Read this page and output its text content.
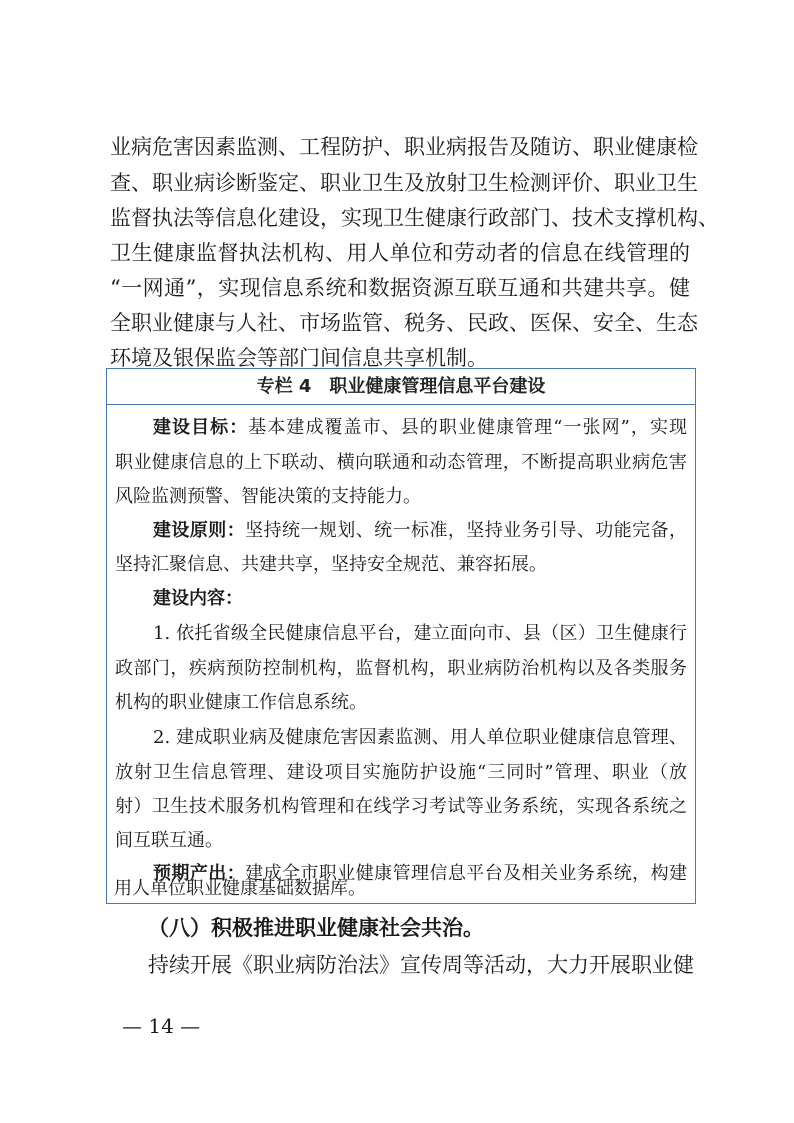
业病危害因素监测、工程防护、职业病报告及随访、职业健康检

查、职业病诊断鉴定、职业卫生及放射卫生检测评价、职业卫生

监督执法等信息化建设，实现卫生健康行政部门、技术支撑机构、

卫生健康监督执法机构、用人单位和劳动者的信息在线管理的

“一网通”，实现信息系统和数据资源互联互通和共建共享。健

全职业健康与人社、市场监管、税务、民政、医保、安全、生态

环境及银保监会等部门间信息共享机制。

专栏 4　职业健康管理信息平台建设

建设目标：基本建成覆盖市、县的职业健康管理“一张网”，实现

职业健康信息的上下联动、横向联通和动态管理，不断提高职业病危害

风险监测预警、智能决策的支持能力。

建设原则：坚持统一规划、统一标准，坚持业务引导、功能完备，

坚持汇聚信息、共建共享，坚持安全规范、兼容拓展。

建设内容：

1. 依托省级全民健康信息平台，建立面向市、县（区）卫生健康行

政部门，疾病预防控制机构，监督机构，职业病防治机构以及各类服务

机构的职业健康工作信息系统。

2. 建成职业病及健康危害因素监测、用人单位职业健康信息管理、

放射卫生信息管理、建设项目实施防护设施“三同时”管理、职业（放

射）卫生技术服务机构管理和在线学习考试等业务系统，实现各系统之

间互联互通。

预期产出：建成全市职业健康管理信息平台及相关业务系统，构建

用人单位职业健康基础数据库。

（八）积极推进职业健康社会共治。

持续开展《职业病防治法》宣传周等活动，大力开展职业健

— 14 —
